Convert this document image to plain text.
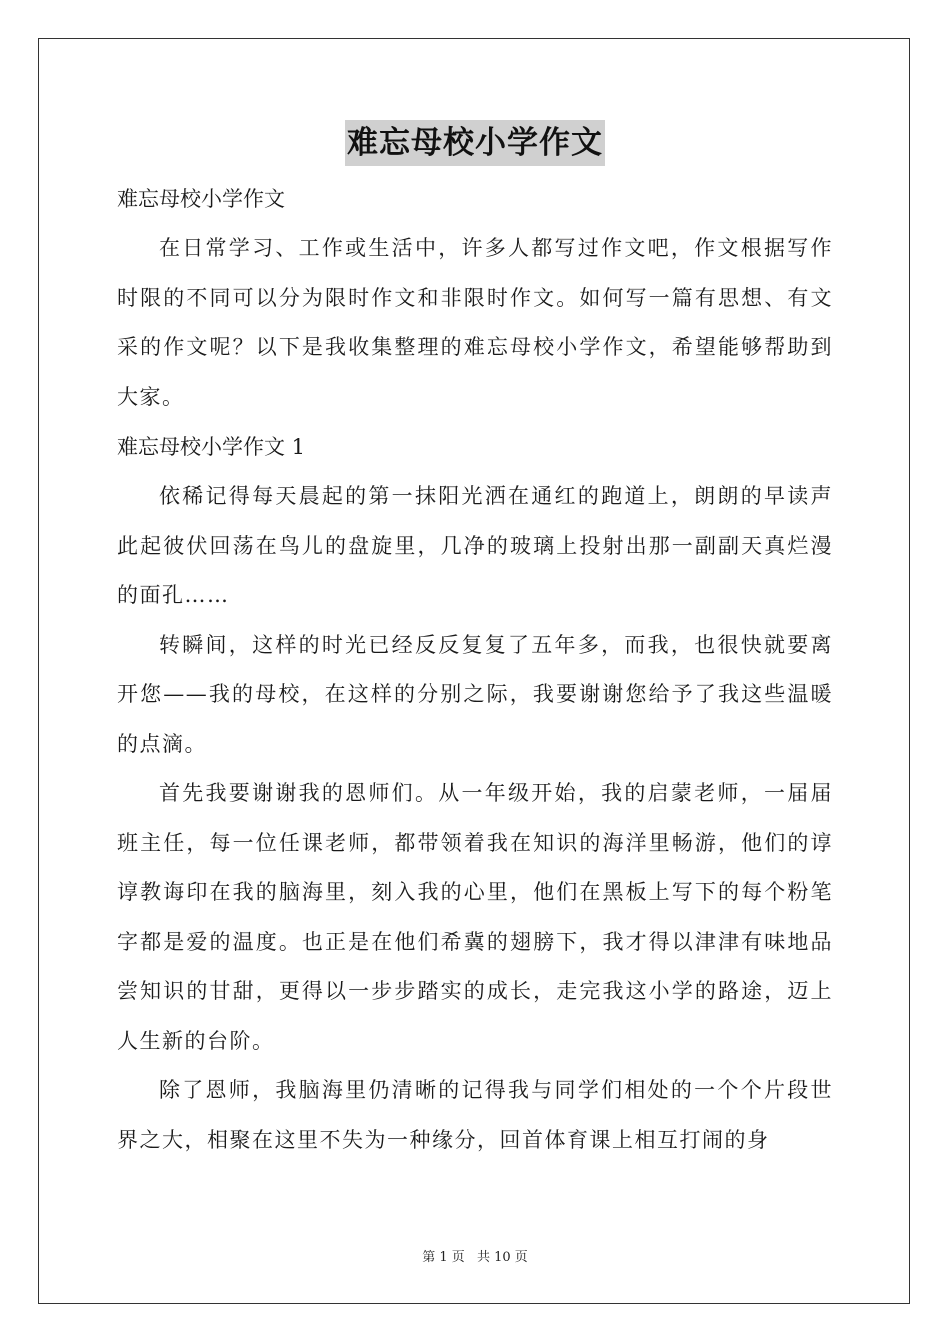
难忘母校小学作文

难忘母校小学作文

在日常学习、工作或生活中，许多人都写过作文吧，作文根据写作时限的不同可以分为限时作文和非限时作文。如何写一篇有思想、有文采的作文呢？以下是我收集整理的难忘母校小学作文，希望能够帮助到大家。

难忘母校小学作文 1

依稀记得每天晨起的第一抹阳光洒在通红的跑道上，朗朗的早读声此起彼伏回荡在鸟儿的盘旋里，几净的玻璃上投射出那一副副天真烂漫的面孔……

转瞬间，这样的时光已经反反复复了五年多，而我，也很快就要离开您——我的母校，在这样的分别之际，我要谢谢您给予了我这些温暖的点滴。

首先我要谢谢我的恩师们。从一年级开始，我的启蒙老师，一届届班主任，每一位任课老师，都带领着我在知识的海洋里畅游，他们的谆谆教诲印在我的脑海里，刻入我的心里，他们在黑板上写下的每个粉笔字都是爱的温度。也正是在他们希冀的翅膀下，我才得以津津有味地品尝知识的甘甜，更得以一步步踏实的成长，走完我这小学的路途，迈上人生新的台阶。

除了恩师，我脑海里仍清晰的记得我与同学们相处的一个个片段世界之大，相聚在这里不失为一种缘分，回首体育课上相互打闹的身

第 1 页 共 10 页
